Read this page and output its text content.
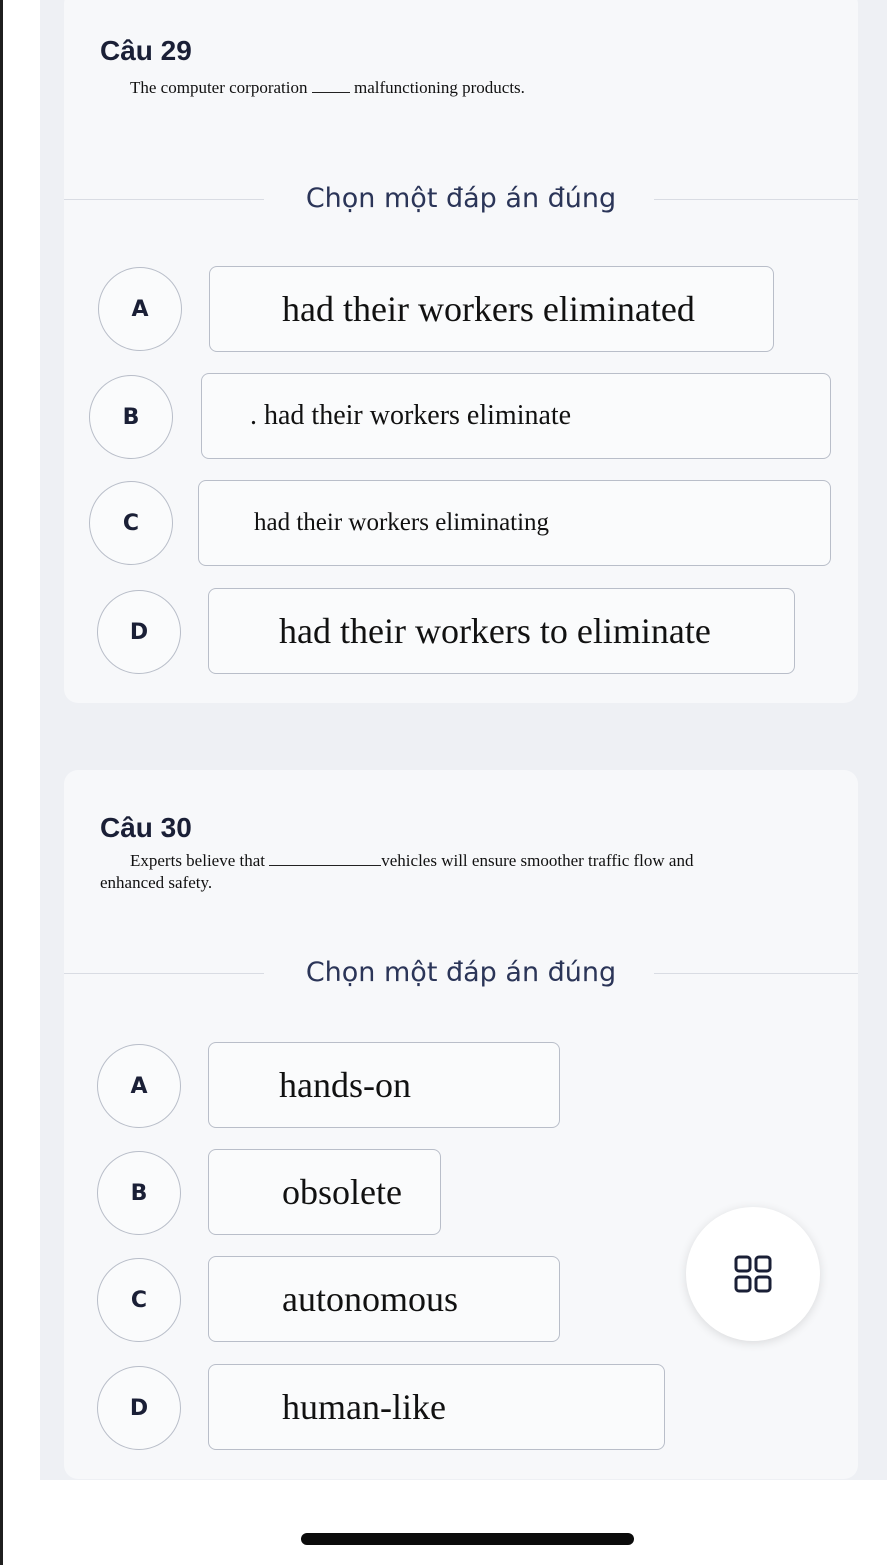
Câu 29
The computer corporation  malfunctioning products.
Chọn một đáp án đúng
A	had their workers eliminated
B	. had their workers eliminate
C	had their workers eliminating
D	had their workers to eliminate
Câu 30
Experts believe that	vehicles will ensure smoother traffic flow and
enhanced safety.
Chọn một đáp án đúng
A	hands-on
B	obsolete
C	autonomous
D	human-like
